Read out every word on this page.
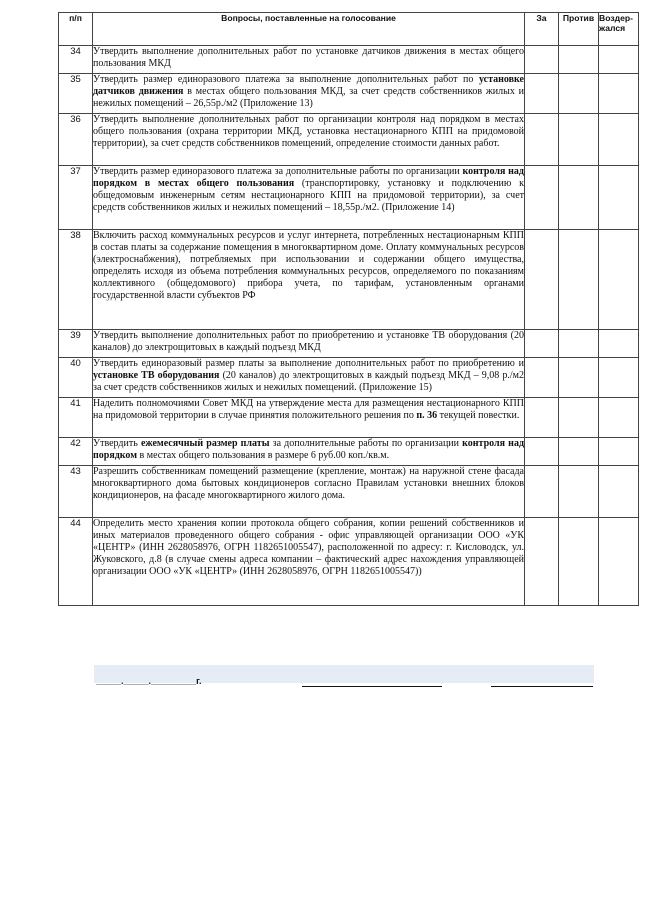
п/п	Вопросы, поставленные на голосование	За	Против	Воздер-
жался
34	Утвердить выполнение дополнительных работ по установке датчиков движения в местах общего пользования МКД			
35	Утвердить размер единоразового платежа за выполнение дополнительных работ по установке датчиков движения в местах общего пользования МКД, за счет средств собственников жилых и нежилых помещений – 26,55р./м2 (Приложение 13)			
36	Утвердить выполнение дополнительных работ по организации контроля над порядком в местах общего пользования (охрана территории МКД, установка нестационарного КПП на придомовой территории), за счет средств собственников помещений, определение стоимости данных работ.			
37	Утвердить размер единоразового платежа за дополнительные работы по организации контроля над порядком в местах общего пользования (транспортировку, установку и подключению к общедомовым инженерным сетям нестационарного КПП на придомовой территории), за счет средств собственников жилых и нежилых помещений – 18,55р./м2. (Приложение 14)			
38	Включить расход коммунальных ресурсов и услуг интернета, потребленных нестационарным КПП в состав платы за содержание помещения в многоквартирном доме. Оплату коммунальных ресурсов (электроснабжения), потребляемых при использовании и содержании общего имущества, определять исходя из объема потребления коммунальных ресурсов, определяемого по показаниям коллективного (общедомового) прибора учета, по тарифам, установленным органами государственной власти субъектов РФ			
39	Утвердить выполнение дополнительных работ по приобретению и установке ТВ оборудования (20 каналов) до электрощитовых в каждый подъезд МКД			
40	Утвердить единоразовый размер платы за выполнение дополнительных работ по приобретению и установке ТВ оборудования (20 каналов) до электрощитовых в каждый подъезд МКД – 9,08 р./м2 за счет средств собственников жилых и нежилых помещений. (Приложение 15)			
41	Наделить полномочиями Совет МКД на утверждение места для размещения нестационарного КПП на придомовой территории в случае принятия положительного решения по п. 36 текущей повестки.			
42	Утвердить ежемесячный размер платы за дополнительные работы по организации контроля над порядком в местах общего пользования в размере 6 руб.00 коп./кв.м.			
43	Разрешить собственникам помещений размещение (крепление, монтаж) на наружной стене фасада многоквартирного дома бытовых кондиционеров согласно Правилам установки внешних блоков кондиционеров, на фасаде многоквартирного жилого дома.			
44	Определить место хранения копии протокола общего собрания, копии решений собственников и иных материалов проведенного общего собрания - офис управляющей организации ООО «УК «ЦЕНТР» (ИНН 2628058976, ОГРН 1182651005547), расположенной по адресу: г. Кисловодск, ул. Жуковского, д.8 (в случае смены адреса компании – фактический адрес нахождения управляющей организации ООО «УК «ЦЕНТР» (ИНН 2628058976, ОГРН 1182651005547))			
_____._____._________г.
